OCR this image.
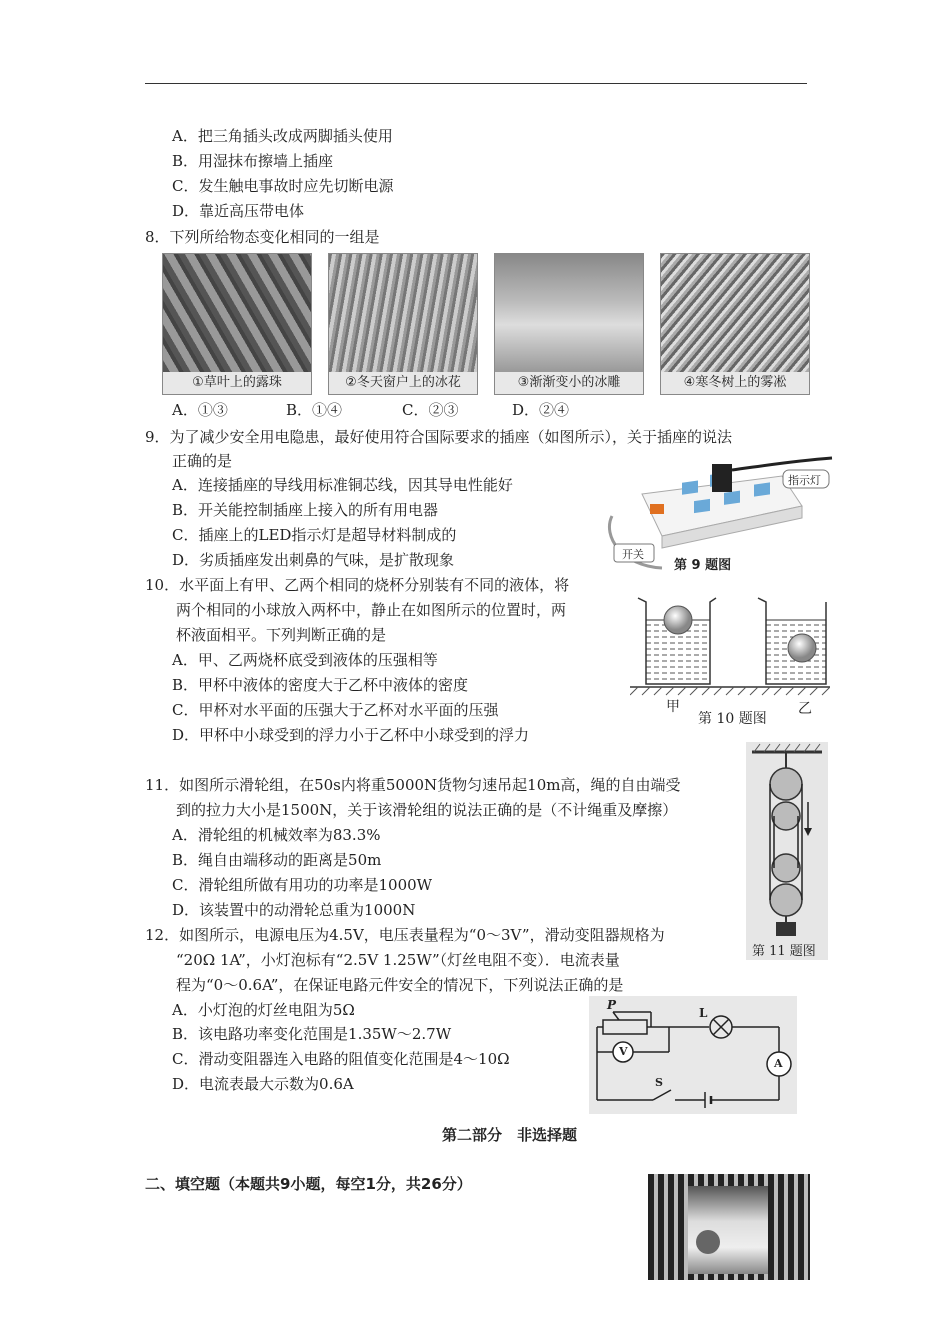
A．把三角插头改成两脚插头使用
B．用湿抹布擦墙上插座
C．发生触电事故时应先切断电源
D．靠近高压带电体
8．下列所给物态变化相同的一组是
①草叶上的露珠	②冬天窗户上的冰花	③渐渐变小的冰雕	④寒冬树上的雾凇
A．①③	B．①④	C．②③	D．②④
9．为了减少安全用电隐患，最好使用符合国际要求的插座（如图所示），关于插座的说法
正确的是
A．连接插座的导线用标准铜芯线，因其导电性能好
B．开关能控制插座上接入的所有用电器
C．插座上的LED指示灯是超导材料制成的
D．劣质插座发出刺鼻的气味，是扩散现象
指示灯
开关
第 9 题图
10．水平面上有甲、乙两个相同的烧杯分别装有不同的液体，将
两个相同的小球放入两杯中，静止在如图所示的位置时，两
杯液面相平。下列判断正确的是
A．甲、乙两烧杯底受到液体的压强相等
B．甲杯中液体的密度大于乙杯中液体的密度
C．甲杯对水平面的压强大于乙杯对水平面的压强
D．甲杯中小球受到的浮力小于乙杯中小球受到的浮力
甲	乙
第 10 题图
11．如图所示滑轮组，在50s内将重5000N货物匀速吊起10m高，绳的自由端受
到的拉力大小是1500N，关于该滑轮组的说法正确的是（不计绳重及摩擦）
A．滑轮组的机械效率为83.3%
B．绳自由端移动的距离是50m
C．滑轮组所做有用功的功率是1000W
D．该装置中的动滑轮总重为1000N
第 11 题图
12．如图所示，电源电压为4.5V，电压表量程为“0～3V”，滑动变阻器规格为
“20Ω 1A”，小灯泡标有“2.5V 1.25W”（灯丝电阻不变）．电流表量
程为“0～0.6A”，在保证电路元件安全的情况下，下列说法正确的是
A．小灯泡的灯丝电阻为5Ω
B．该电路功率变化范围是1.35W～2.7W
C．滑动变阻器连入电路的阻值变化范围是4～10Ω
D．电流表最大示数为0.6A
P
L
V
A
S
第二部分　非选择题
二、填空题（本题共9小题，每空1分，共26分）
